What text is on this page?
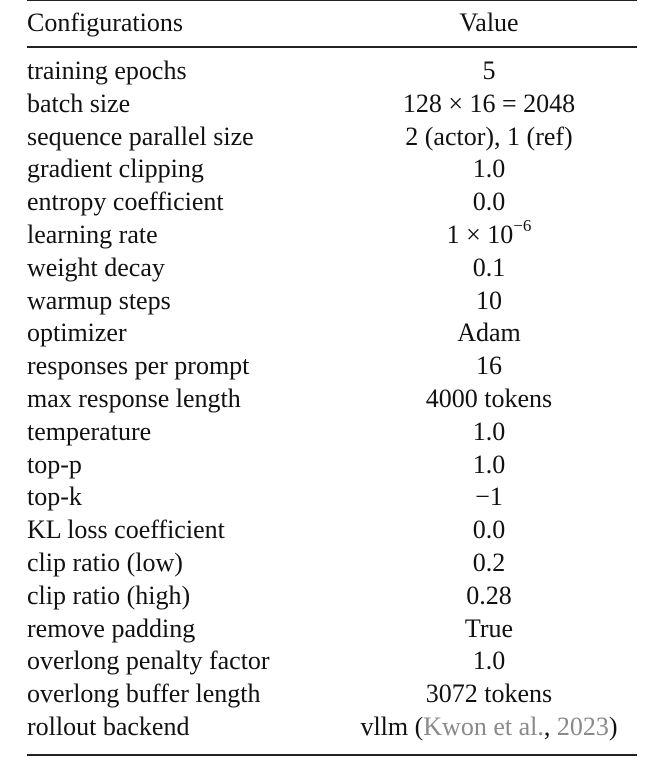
Configurations	Value
training epochs	5
batch size	128 × 16 = 2048
sequence parallel size	2 (actor), 1 (ref)
gradient clipping	1.0
entropy coefficient	0.0
learning rate	$1 \times 10^{-6}$
weight decay	0.1
warmup steps	10
optimizer	Adam
responses per prompt	16
max response length	4000 tokens
temperature	1.0
top-p	1.0
top-k	−1
KL loss coefficient	0.0
clip ratio (low)	0.2
clip ratio (high)	0.28
remove padding	True
overlong penalty factor	1.0
overlong buffer length	3072 tokens
rollout backend	vllm (Kwon et al., 2023)
